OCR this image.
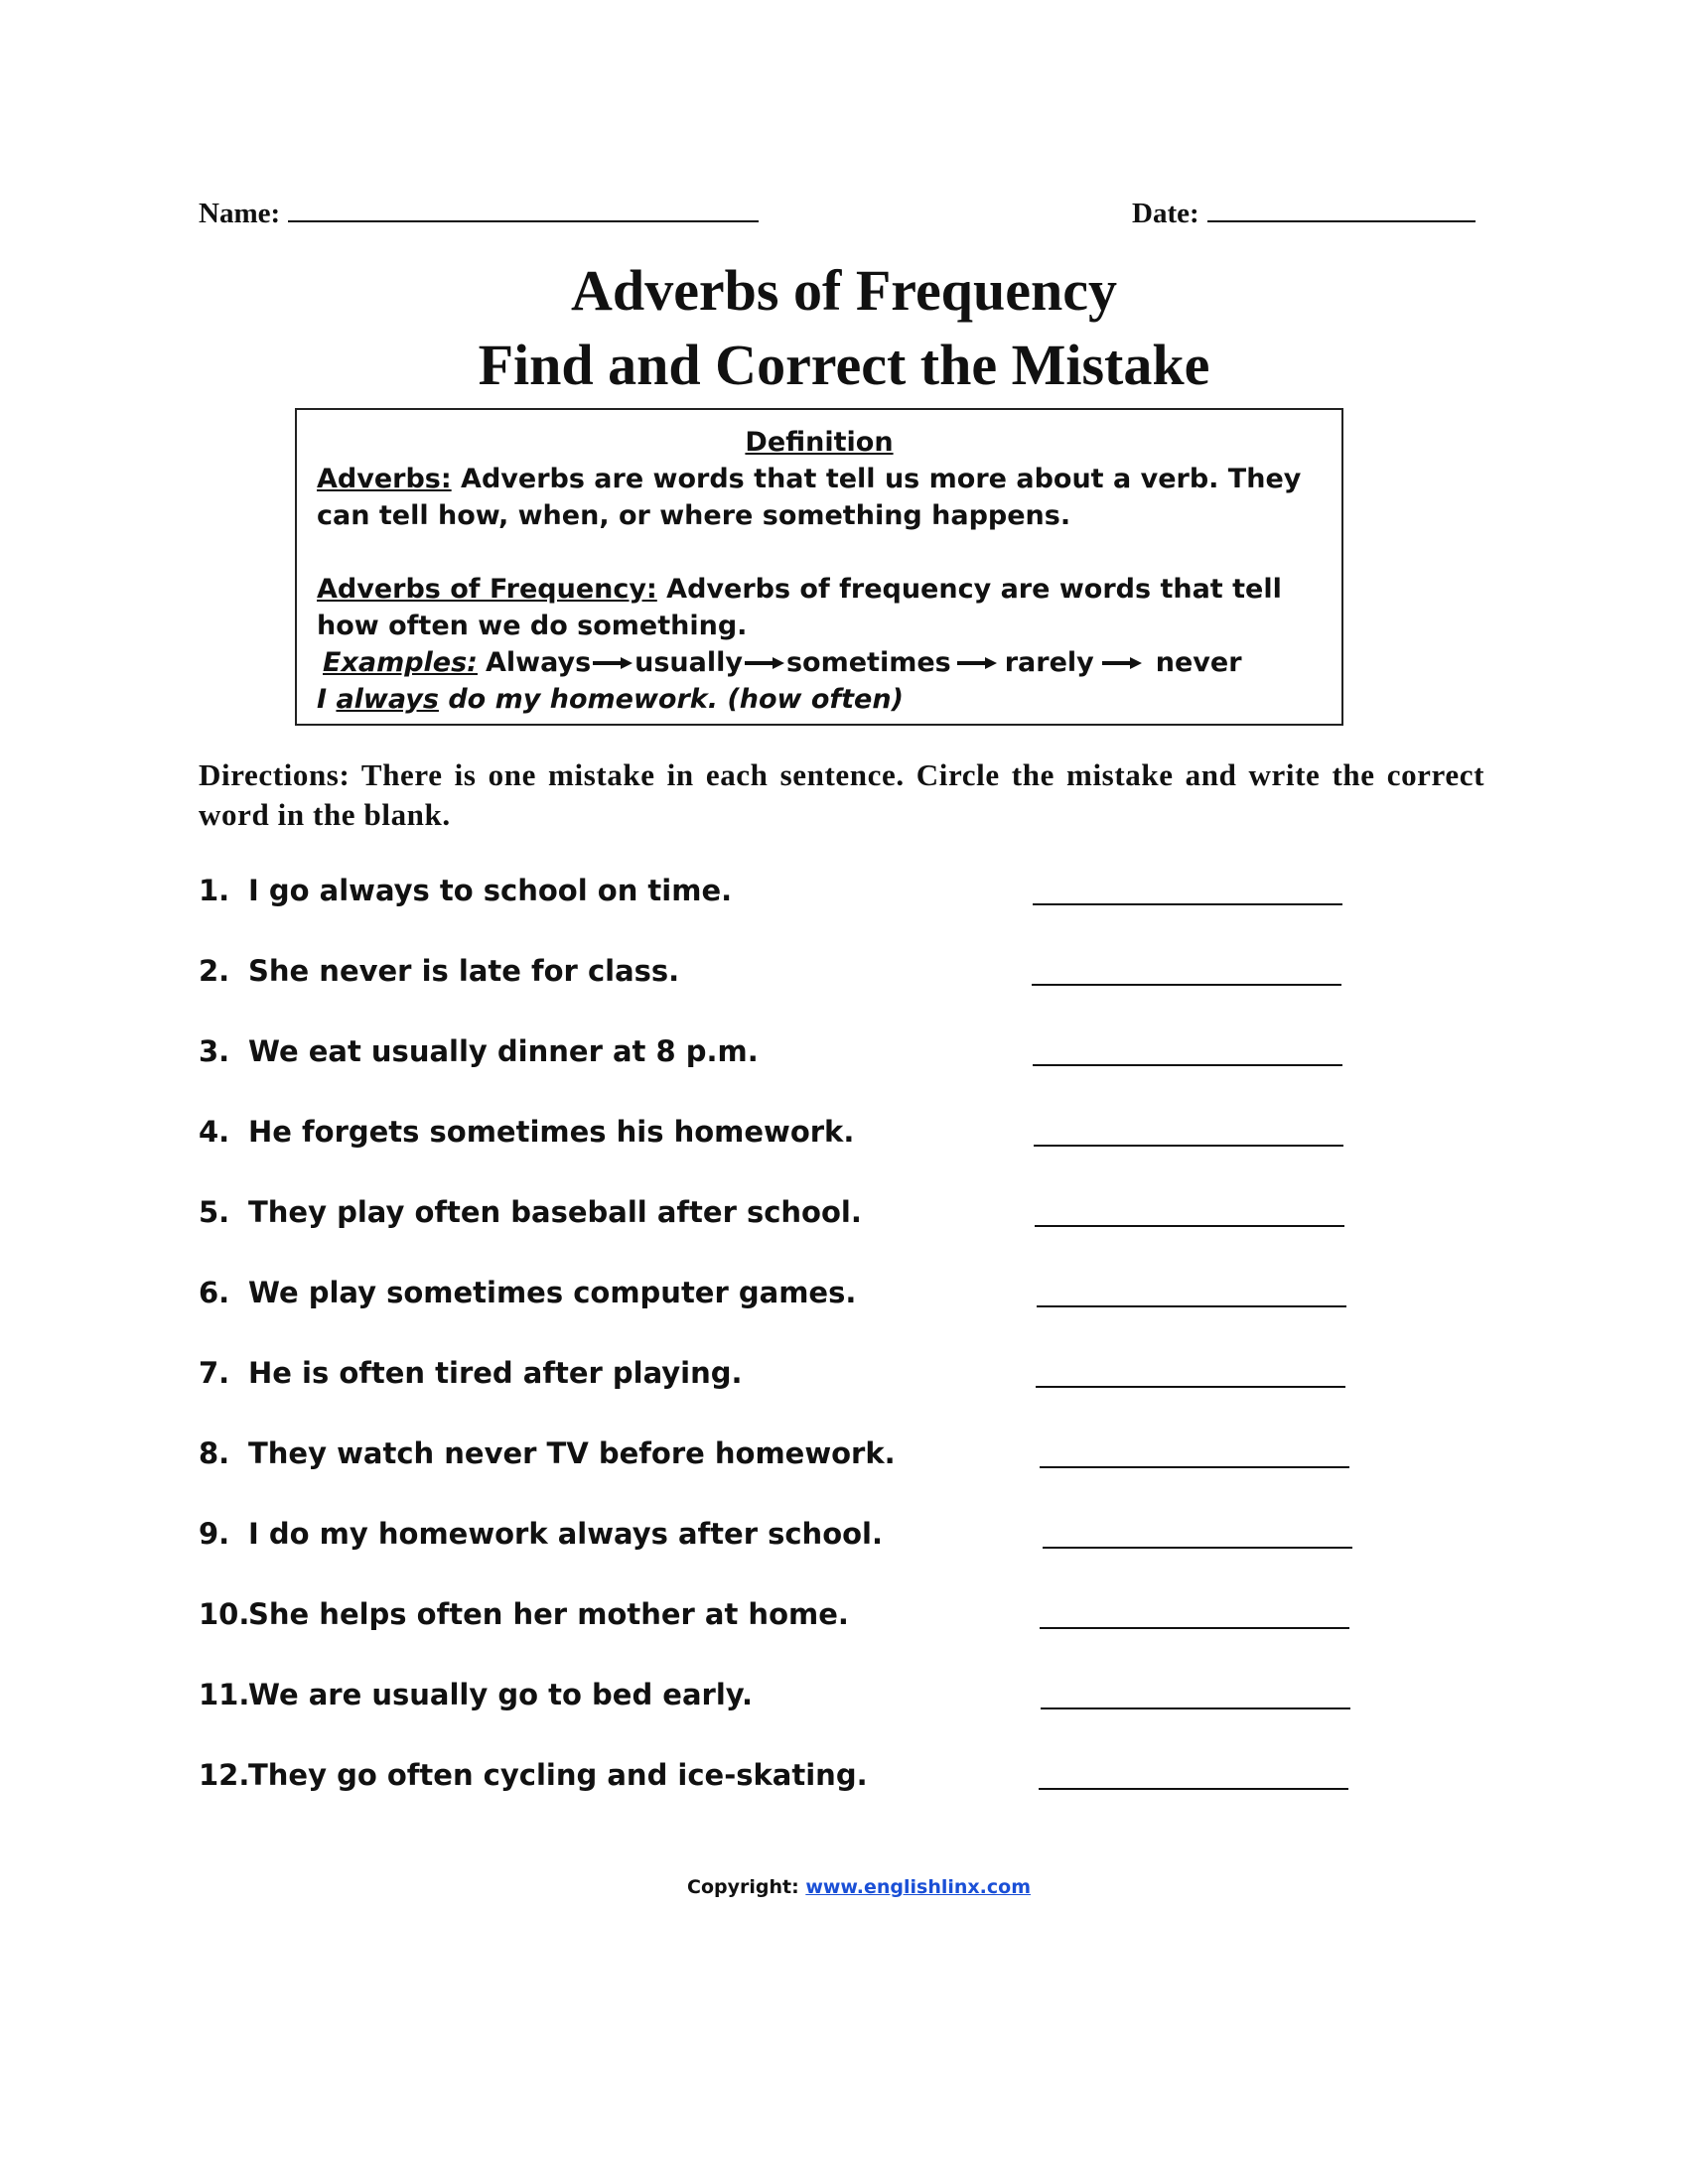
Name:	Date:
Adverbs of Frequency
Find and Correct the Mistake
Definition

Adverbs: Adverbs are words that tell us more about a verb. They can tell how, when, or where something happens.

Adverbs of Frequency: Adverbs of frequency are words that tell how often we do something.

Examples: Always usually sometimes rarely never
I always do my homework. (how often)
Directions: There is one mistake in each sentence. Circle the mistake and write the correct word in the blank.
1. I go always to school on time.
2. She never is late for class.
3. We eat usually dinner at 8 p.m.
4. He forgets sometimes his homework.
5. They play often baseball after school.
6. We play sometimes computer games.
7. He is often tired after playing.
8. They watch never TV before homework.
9. I do my homework always after school.
10.
She helps often her mother at home.
11.
We are usually go to bed early.
12.
They go often cycling and ice-skating.
Copyright: www.englishlinx.com
